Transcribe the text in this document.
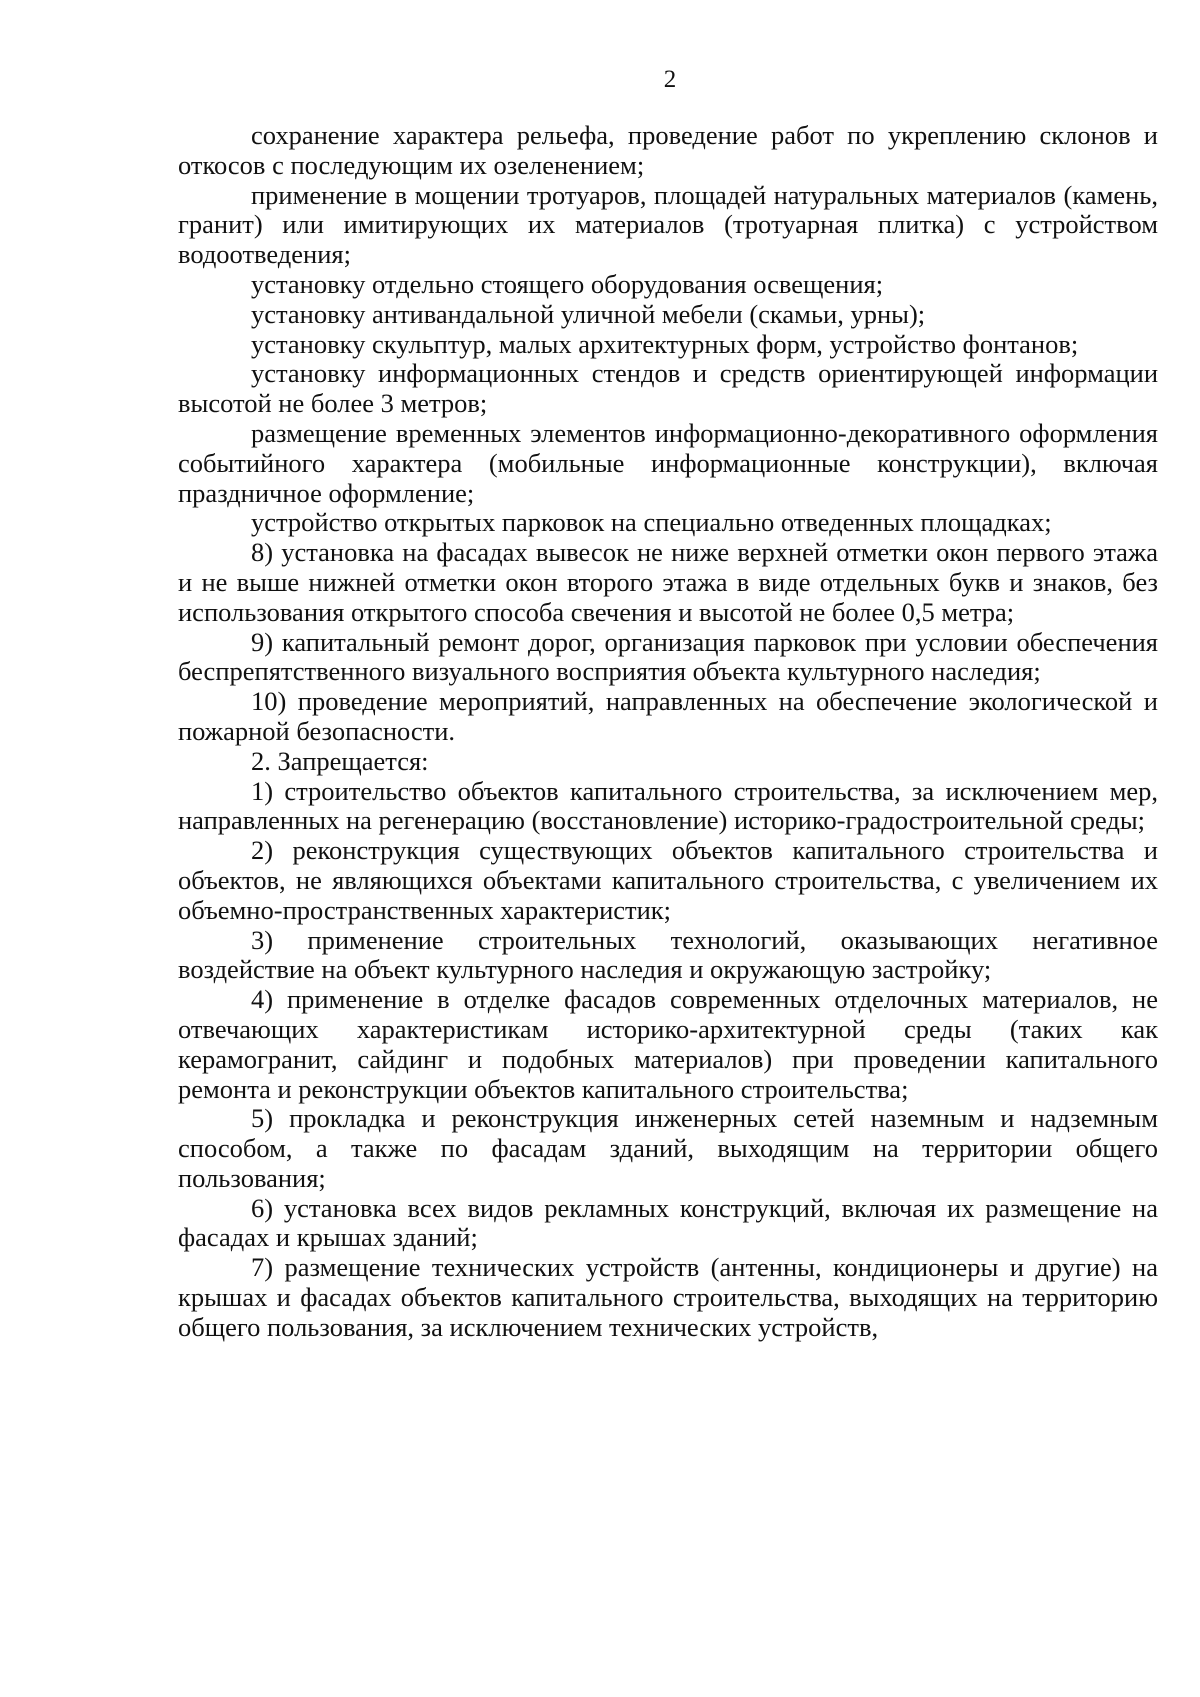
2

сохранение характера рельефа, проведение работ по укреплению склонов и откосов с последующим их озеленением;

применение в мощении тротуаров, площадей натуральных материалов (камень, гранит) или имитирующих их материалов (тротуарная плитка) с устройством водоотведения;

установку отдельно стоящего оборудования освещения;

установку антивандальной уличной мебели (скамьи, урны);

установку скульптур, малых архитектурных форм, устройство фонтанов;

установку информационных стендов и средств ориентирующей информации высотой не более 3 метров;

размещение временных элементов информационно-декоративного оформления событийного характера (мобильные информационные конструкции), включая праздничное оформление;

устройство открытых парковок на специально отведенных площадках;

8) установка на фасадах вывесок не ниже верхней отметки окон первого этажа и не выше нижней отметки окон второго этажа в виде отдельных букв и знаков, без использования открытого способа свечения и высотой не более 0,5 метра;

9) капитальный ремонт дорог, организация парковок при условии обеспечения беспрепятственного визуального восприятия объекта культурного наследия;

10) проведение мероприятий, направленных на обеспечение экологической и пожарной безопасности.

2. Запрещается:

1) строительство объектов капитального строительства, за исключением мер, направленных на регенерацию (восстановление) историко-градостроительной среды;

2) реконструкция существующих объектов капитального строительства и объектов, не являющихся объектами капитального строительства, с увеличением их объемно-пространственных характеристик;

3) применение строительных технологий, оказывающих негативное воздействие на объект культурного наследия и окружающую застройку;

4) применение в отделке фасадов современных отделочных материалов, не отвечающих характеристикам историко-архитектурной среды (таких как керамогранит, сайдинг и подобных материалов) при проведении капитального ремонта и реконструкции объектов капитального строительства;

5) прокладка и реконструкция инженерных сетей наземным и надземным способом, а также по фасадам зданий, выходящим на территории общего пользования;

6) установка всех видов рекламных конструкций, включая их размещение на фасадах и крышах зданий;

7) размещение технических устройств (антенны, кондиционеры и другие) на крышах и фасадах объектов капитального строительства, выходящих на территорию общего пользования, за исключением технических устройств,
